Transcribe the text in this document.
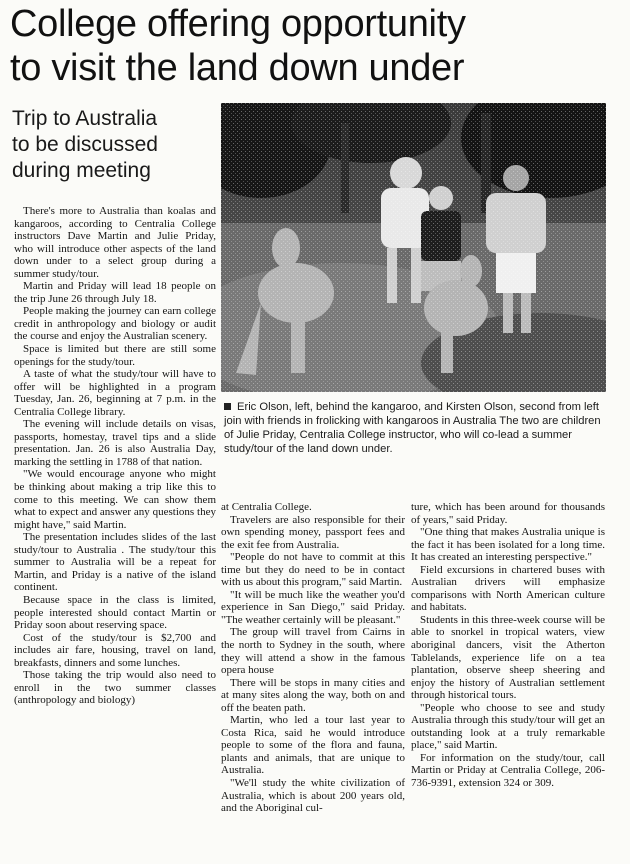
College offering opportunity
to visit the land down under
Trip to Australia
to be discussed
during meeting
Eric Olson, left, behind the kangaroo, and Kirsten Olson, second from left join with friends in frolicking with kangaroos in Australia The two are children of Julie Priday, Centralia College instructor, who will co-lead a summer study/tour of the land down under.

There's more to Australia than koalas and kangaroos, according to Centralia College instructors Dave Martin and Julie Priday, who will introduce other aspects of the land down under to a select group during a summer study/tour.

Martin and Priday will lead 18 people on the trip June 26 through July 18.

People making the journey can earn college credit in anthropology and biology or audit the course and enjoy the Australian scenery.

Space is limited but there are still some openings for the study/tour.

A taste of what the study/tour will have to offer will be highlighted in a program Tuesday, Jan. 26, beginning at 7 p.m. in the Centralia College library.

The evening will include details on visas, passports, homestay, travel tips and a slide presentation. Jan. 26 is also Australia Day, marking the settling in 1788 of that nation.

"We would encourage anyone who might be thinking about making a trip like this to come to this meeting. We can show them what to expect and answer any questions they might have," said Martin.

The presentation includes slides of the last study/tour to Australia . The study/tour this summer to Australia will be a repeat for Martin, and Priday is a native of the island continent.

Because space in the class is limited, people interested should contact Martin or Priday soon about reserving space.

Cost of the study/tour is $2,700 and includes air fare, housing, travel on land, breakfasts, dinners and some lunches.

Those taking the trip would also need to enroll in the two summer classes (anthropology and biology)

at Centralia College.

Travelers are also responsible for their own spending money, passport fees and the exit fee from Australia.

"People do not have to commit at this time but they do need to be in contact with us about this program," said Martin.

"It will be much like the weather you'd experience in San Diego," said Priday. "The weather certainly will be pleasant."

The group will travel from Cairns in the north to Sydney in the south, where they will attend a show in the famous opera house

There will be stops in many cities and at many sites along the way, both on and off the beaten path.

Martin, who led a tour last year to Costa Rica, said he would introduce people to some of the flora and fauna, plants and animals, that are unique to Australia.

"We'll study the white civilization of Australia, which is about 200 years old, and the Aboriginal cul-

ture, which has been around for thousands of years," said Priday.

"One thing that makes Australia unique is the fact it has been isolated for a long time. It has created an interesting perspective."

Field excursions in chartered buses with Australian drivers will emphasize comparisons with North American culture and habitats.

Students in this three-week course will be able to snorkel in tropical waters, view aboriginal dancers, visit the Atherton Tablelands, experience life on a tea plantation, observe sheep sheering and enjoy the history of Australian settlement through historical tours.

"People who choose to see and study Australia through this study/tour will get an outstanding look at a truly remarkable place," said Martin.

For information on the study/tour, call Martin or Priday at Centralia College, 206-736-9391, extension 324 or 309.
